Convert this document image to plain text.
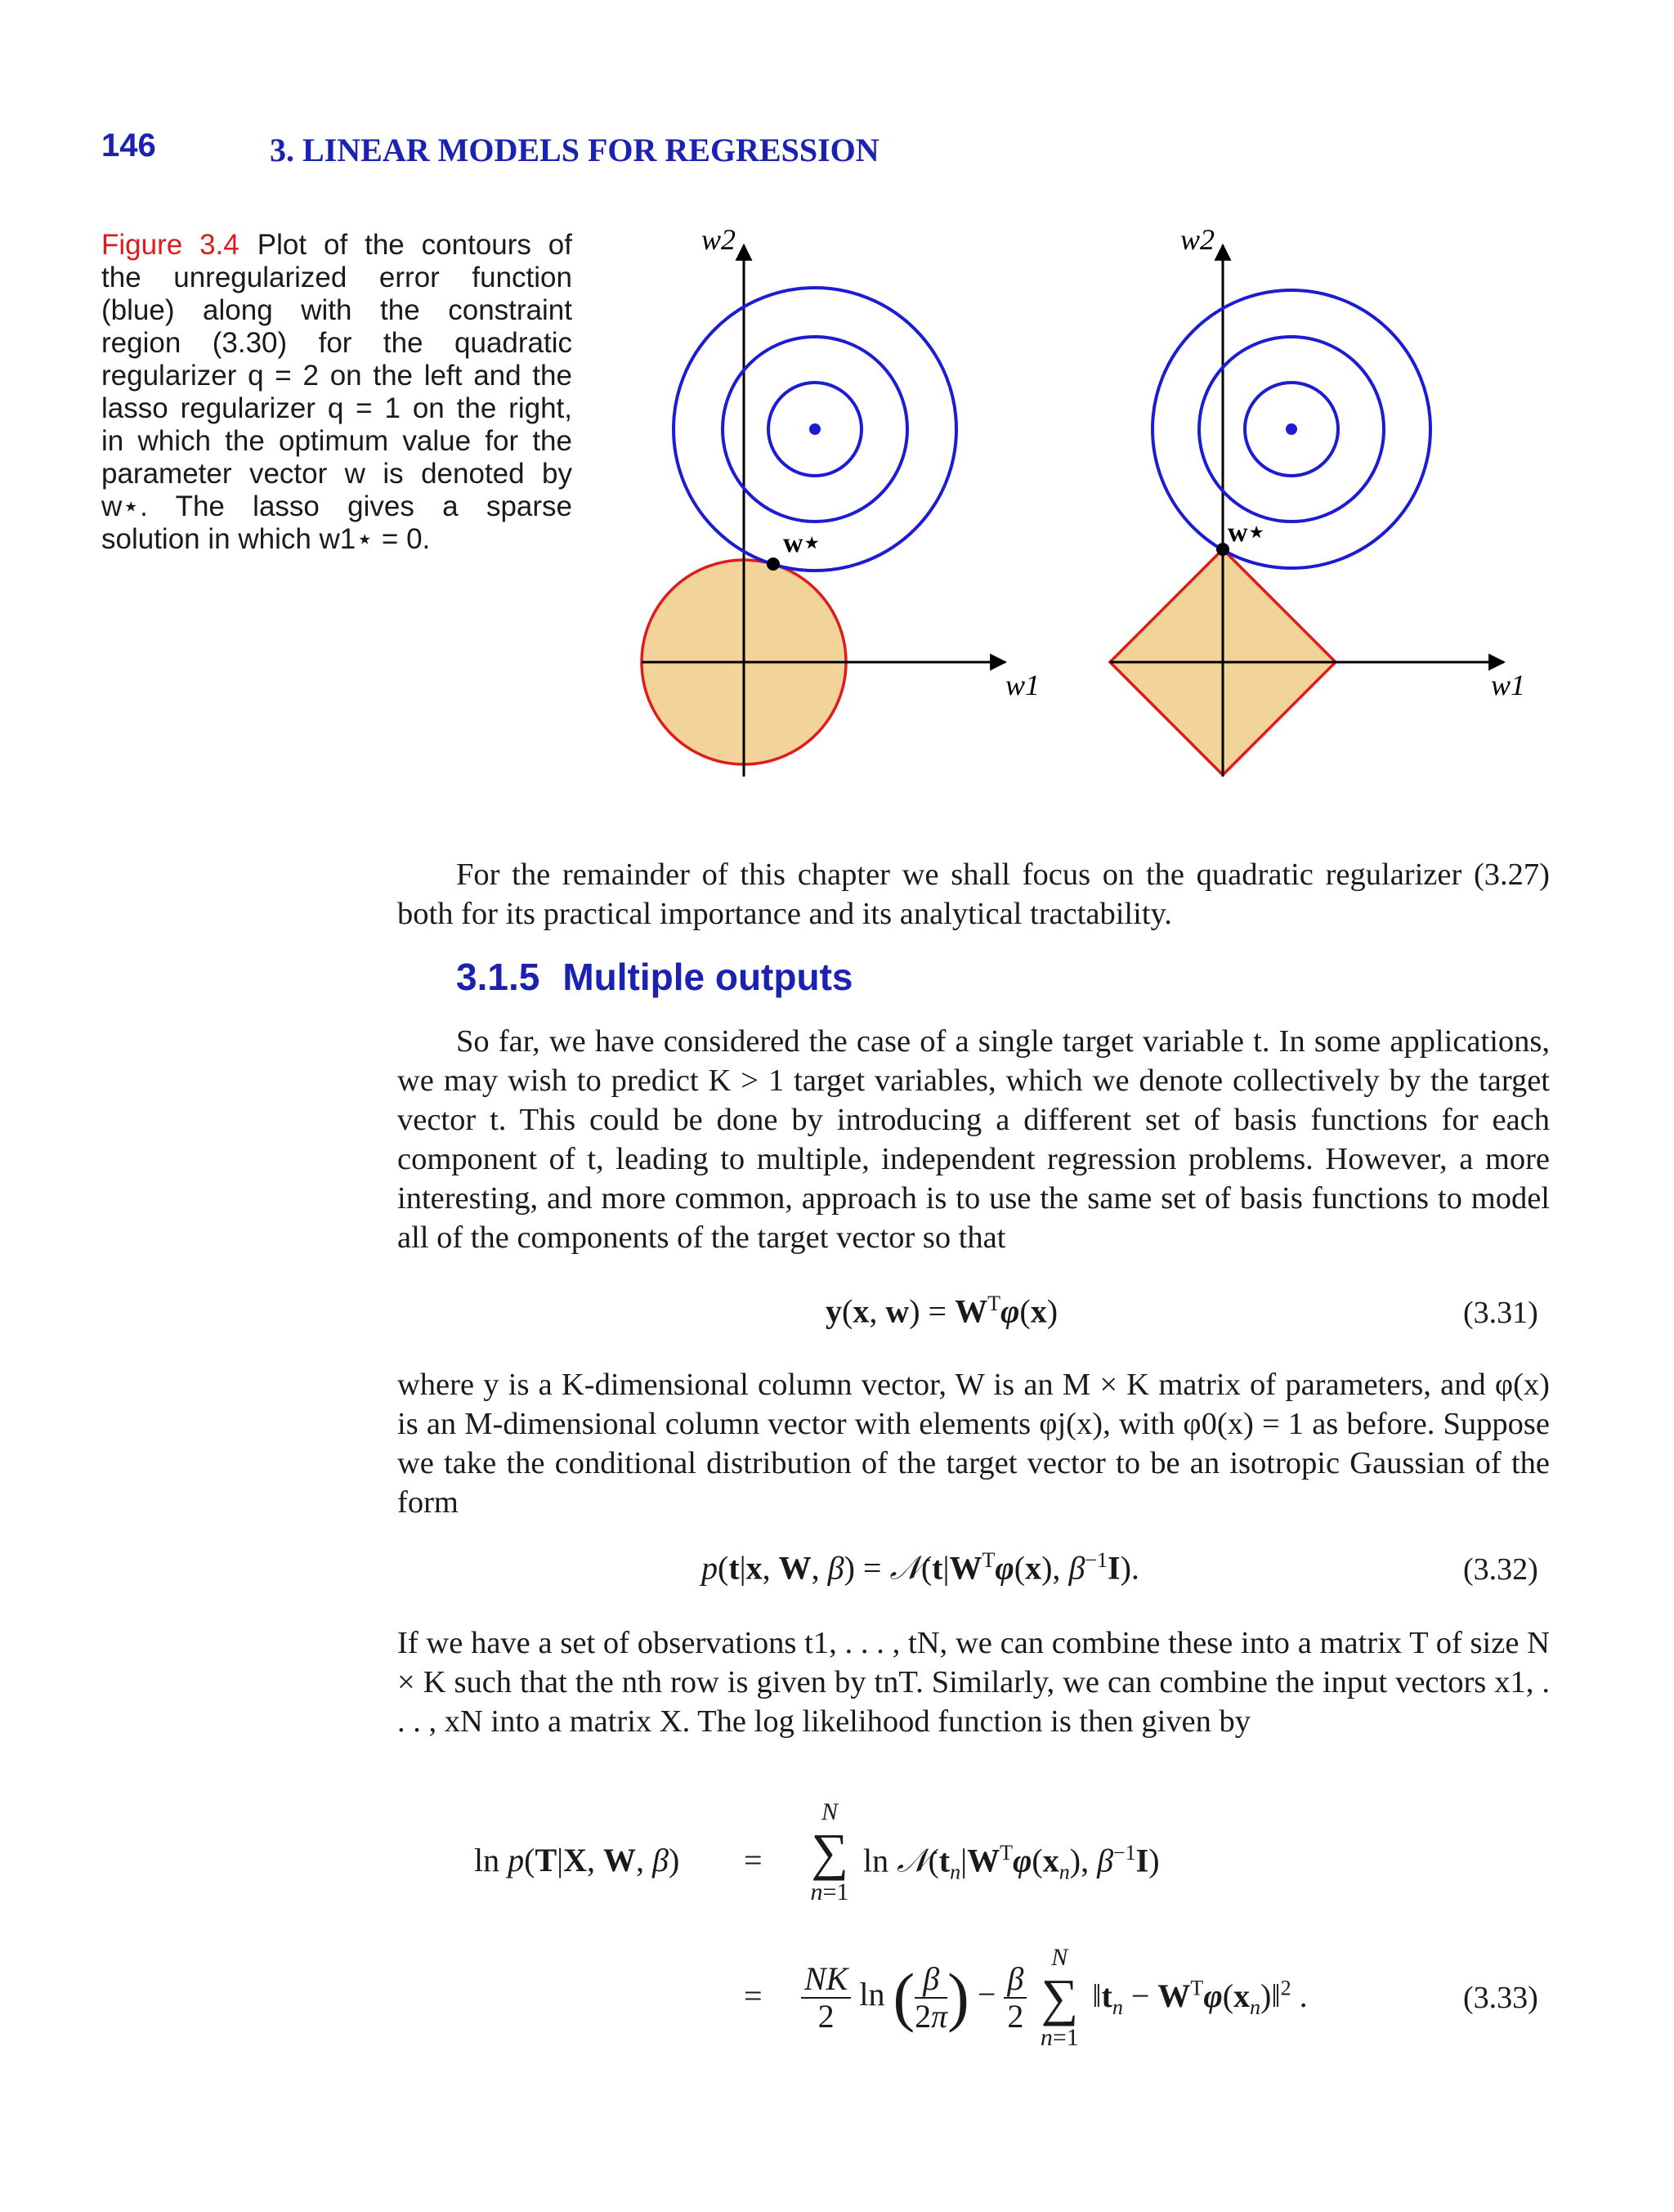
146	3. LINEAR MODELS FOR REGRESSION
Figure 3.4 Plot of the contours of the unregularized error function (blue) along with the constraint region (3.30) for the quadratic regularizer q = 2 on the left and the lasso regularizer q = 1 on the right, in which the optimum value for the parameter vector w is denoted by w⋆. The lasso gives a sparse solution in which w1⋆ = 0.	w⋆
w2
w1
w⋆
w2
w1
For the remainder of this chapter we shall focus on the quadratic regularizer (3.27) both for its practical importance and its analytical tractability.
3.1.5 Multiple outputs
So far, we have considered the case of a single target variable t. In some applications, we may wish to predict K > 1 target variables, which we denote collectively by the target vector t. This could be done by introducing a different set of basis functions for each component of t, leading to multiple, independent regression problems. However, a more interesting, and more common, approach is to use the same set of basis functions to model all of the components of the target vector so that
y(x, $w) = W^T\varphi(x)$	(3.31)
where y is a K-dimensional column vector, W is an M × K matrix of parameters, and φ(x) is an M-dimensional column vector with elements φj(x), with φ0(x) = 1 as before. Suppose we take the conditional distribution of the target vector to be an isotropic Gaussian of the form
p(t|x, W, $\beta) = 𝒩(t|W^T\varphi(x)$, $\beta^{-1}I$).	(3.32)
If we have a set of observations t1, . . . , tN, we can combine these into a matrix T of size N × K such that the nth row is given by tnT. Similarly, we can combine the input vectors x1, . . . , xN into a matrix X. The log likelihood function is then given by
ln p(T|X, W, β) =
N
∑
n=1
$\ln 𝒩(t_n|W^T\varphi(x_n)$, $\beta^{-1}I$)
= $\frac{NK}{2}$ ln ( $\frac{\beta}{2\pi}$ ) − $\frac{\beta}{2}$

N
∑
n=1
$‖t_n$ − $W^T\varphi(x_n)‖^2$ .	(3.33)
